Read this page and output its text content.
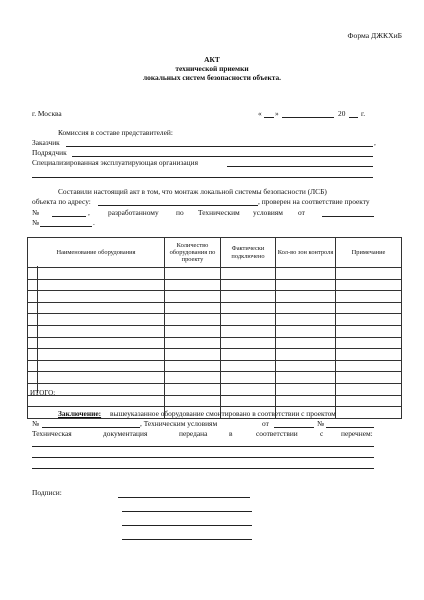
Форма ДЖКХиБ
АКТ
технической приемки
локальных систем безопасности объекта.
г. Москва	« »	20 г.
Комиссия в составе представителей:
Заказчик	,
Подрядчик
Специализированная эксплуатирующая организация
Составили настоящий акт в том, что монтаж локальной системы безопасности (ЛСБ)
объекта по адресу:	, проверен на соответствие проекту
№	, разработанному по Техническим условиям от
№	.
Наименование оборудования	Количество оборудования по проекту	Фактически подключено	Кол-во зон контроля	Примечание

ИТОГО:
Заключение: вышеуказанное оборудование смонтировано в соответствии с проектом
№	, Техническим условиям	от	№
Техническая	документация	передана	в	соответствии	с перечнем:
Подписи:
